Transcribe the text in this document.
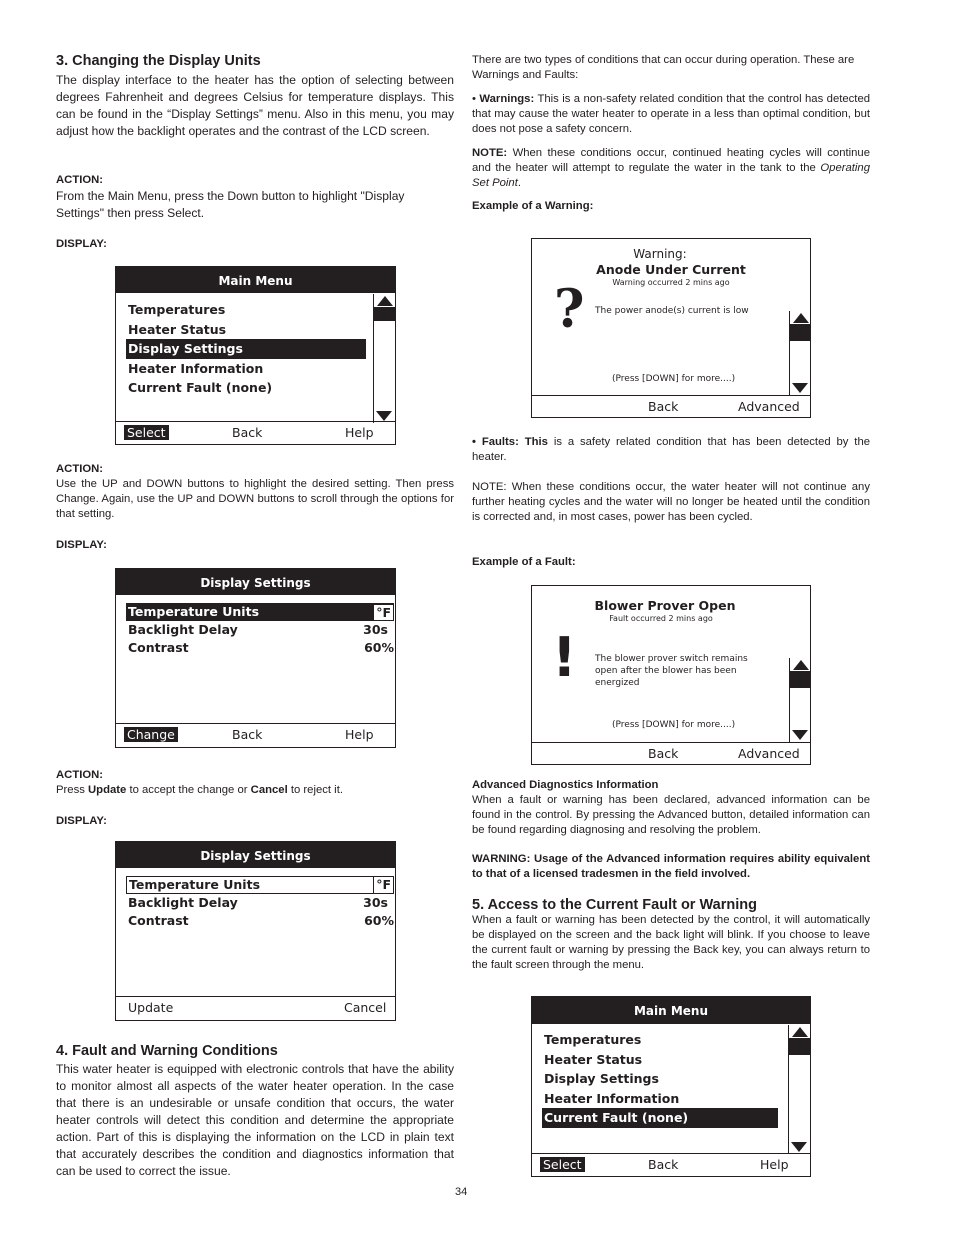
3. Changing the Display Units
The display interface to the heater has the option of selecting between degrees Fahrenheit and degrees Celsius for temperature displays. This can be found in the “Display Settings” menu. Also in this menu, you may adjust how the backlight operates and the contrast of the LCD screen.
ACTION:
From the Main Menu, press the Down button to highlight "Display Settings" then press Select.
DISPLAY:
Main Menu
Temperatures
Heater Status
Display Settings
Heater Information
Current Fault (none)
Select	Back	Help
ACTION:
Use the UP and DOWN buttons to highlight the desired setting. Then press Change. Again, use the UP and DOWN buttons to scroll through the options for that setting.
DISPLAY:
Display Settings
Temperature Units	°F
Backlight Delay	30s
Contrast	60%
Change	Back	Help
ACTION:
Press Update to accept the change or Cancel to reject it.
DISPLAY:
Display Settings
Temperature Units	°F
Backlight Delay	30s
Contrast	60%
Update	Cancel
4. Fault and Warning Conditions
This water heater is equipped with electronic controls that have the ability to monitor almost all aspects of the water heater operation. In the case that there is an undesirable or unsafe condition that occurs, the water heater controls will detect this condition and determine the appropriate action. Part of this is displaying the information on the LCD in plain text that accurately describes the condition and diagnostics information that can be used to correct the issue.
There are two types of conditions that can occur during operation. These are Warnings and Faults:
• Warnings: This is a non-safety related condition that the control has detected that may cause the water heater to operate in a less than optimal condition, but does not pose a safety concern.
NOTE: When these conditions occur, continued heating cycles will continue and the heater will attempt to regulate the water in the tank to the Operating Set Point.
Example of a Warning:
Warning:
Anode Under Current
Warning occurred 2 mins ago
? The power anode(s) current is low
(Press [DOWN] for more....)
Back	Advanced
• Faults: This is a safety related condition that has been detected by the heater.
NOTE: When these conditions occur, the water heater will not continue any further heating cycles and the water will no longer be heated until the condition is corrected and, in most cases, power has been cycled.
Example of a Fault:
Blower Prover Open
Fault occurred 2 mins ago
! The blower prover switch remains
open after the blower has been
energized
(Press [DOWN] for more....)
Back	Advanced
Advanced Diagnostics Information
When a fault or warning has been declared, advanced information can be found in the control. By pressing the Advanced button, detailed information can be found regarding diagnosing and resolving the problem.
WARNING: Usage of the Advanced information requires ability equivalent to that of a licensed tradesmen in the field involved.
5. Access to the Current Fault or Warning
When a fault or warning has been detected by the control, it will automatically be displayed on the screen and the back light will blink. If you choose to leave the current fault or warning by pressing the Back key, you can always return to the fault screen through the menu.
Main Menu
Temperatures
Heater Status
Display Settings
Heater Information
Current Fault (none)
Select	Back	Help
34
